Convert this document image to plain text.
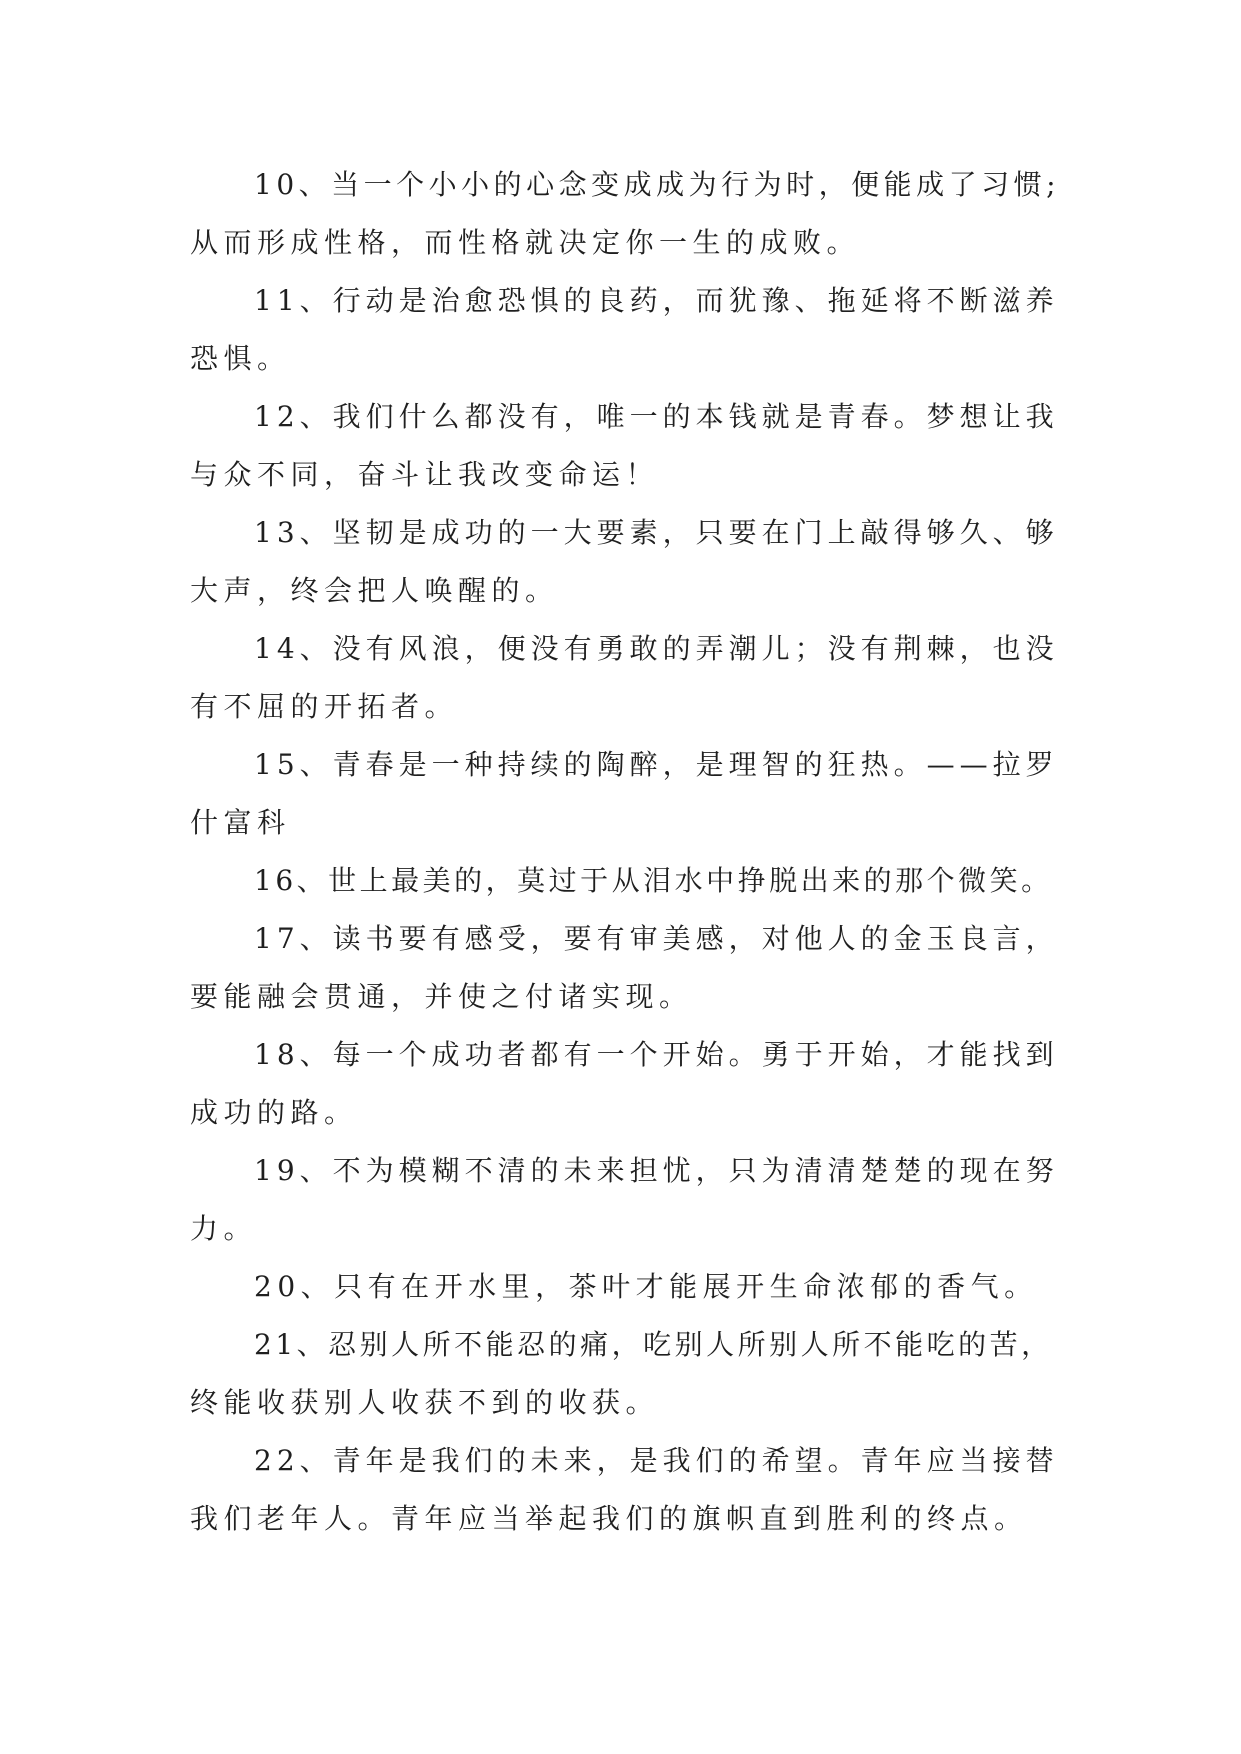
10、当一个小小的心念变成成为行为时，便能成了习惯;
从而形成性格，而性格就决定你一生的成败。

11、行动是治愈恐惧的良药，而犹豫、拖延将不断滋养
恐惧。

12、我们什么都没有，唯一的本钱就是青春。梦想让我
与众不同，奋斗让我改变命运！

13、坚韧是成功的一大要素，只要在门上敲得够久、够
大声，终会把人唤醒的。

14、没有风浪，便没有勇敢的弄潮儿；没有荆棘，也没
有不屈的开拓者。

15、青春是一种持续的陶醉，是理智的狂热。——拉罗
什富科

16、世上最美的，莫过于从泪水中挣脱出来的那个微笑。

17、读书要有感受，要有审美感，对他人的金玉良言，
要能融会贯通，并使之付诸实现。

18、每一个成功者都有一个开始。勇于开始，才能找到
成功的路。

19、不为模糊不清的未来担忧，只为清清楚楚的现在努
力。

20、只有在开水里，茶叶才能展开生命浓郁的香气。

21、忍别人所不能忍的痛，吃别人所别人所不能吃的苦，
终能收获别人收获不到的收获。

22、青年是我们的未来，是我们的希望。青年应当接替
我们老年人。青年应当举起我们的旗帜直到胜利的终点。
